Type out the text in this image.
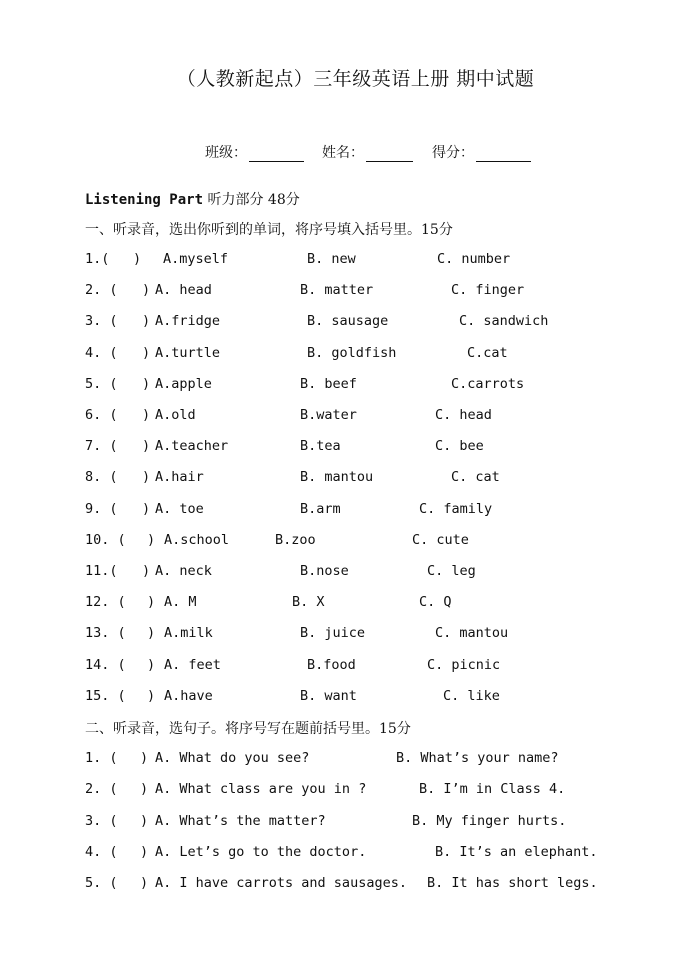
（人教新起点）三年级英语上册 期中试题
班级：	姓名：	得分：
Listening Part 听力部分 48分
一、听录音，选出你听到的单词，将序号填入括号里。15分
1.( ) A.myself	B. new	C. number
2. ( ) A. head	B. matter	C. finger
3. ( ) A.fridge	B. sausage	C. sandwich
4. ( ) A.turtle	B. goldfish	C.cat
5. ( ) A.apple	B. beef	C.carrots
6. ( ) A.old	B.water	C. head
7. ( ) A.teacher	B.tea	C. bee
8. ( ) A.hair	B. mantou	C. cat
9. ( ) A. toe	B.arm	C. family
10. ( ) A.school	B.zoo	C. cute
11.( ) A. neck	B.nose	C. leg
12. ( ) A. M	B. X	C. Q
13. ( ) A.milk	B. juice	C. mantou
14. ( ) A. feet	B.food	C. picnic
15. ( ) A.have	B. want	C. like
二、听录音，选句子。将序号写在题前括号里。15分
1. ( ) A. What do you see?	B. What’s your name?
2. ( ) A. What class are you in ?	B. I’m in Class 4.
3. ( ) A. What’s the matter?	B. My finger hurts.
4. ( ) A. Let’s go to the doctor.	B. It’s an elephant.
5. ( ) A. I have carrots and sausages. B. It has short legs.
